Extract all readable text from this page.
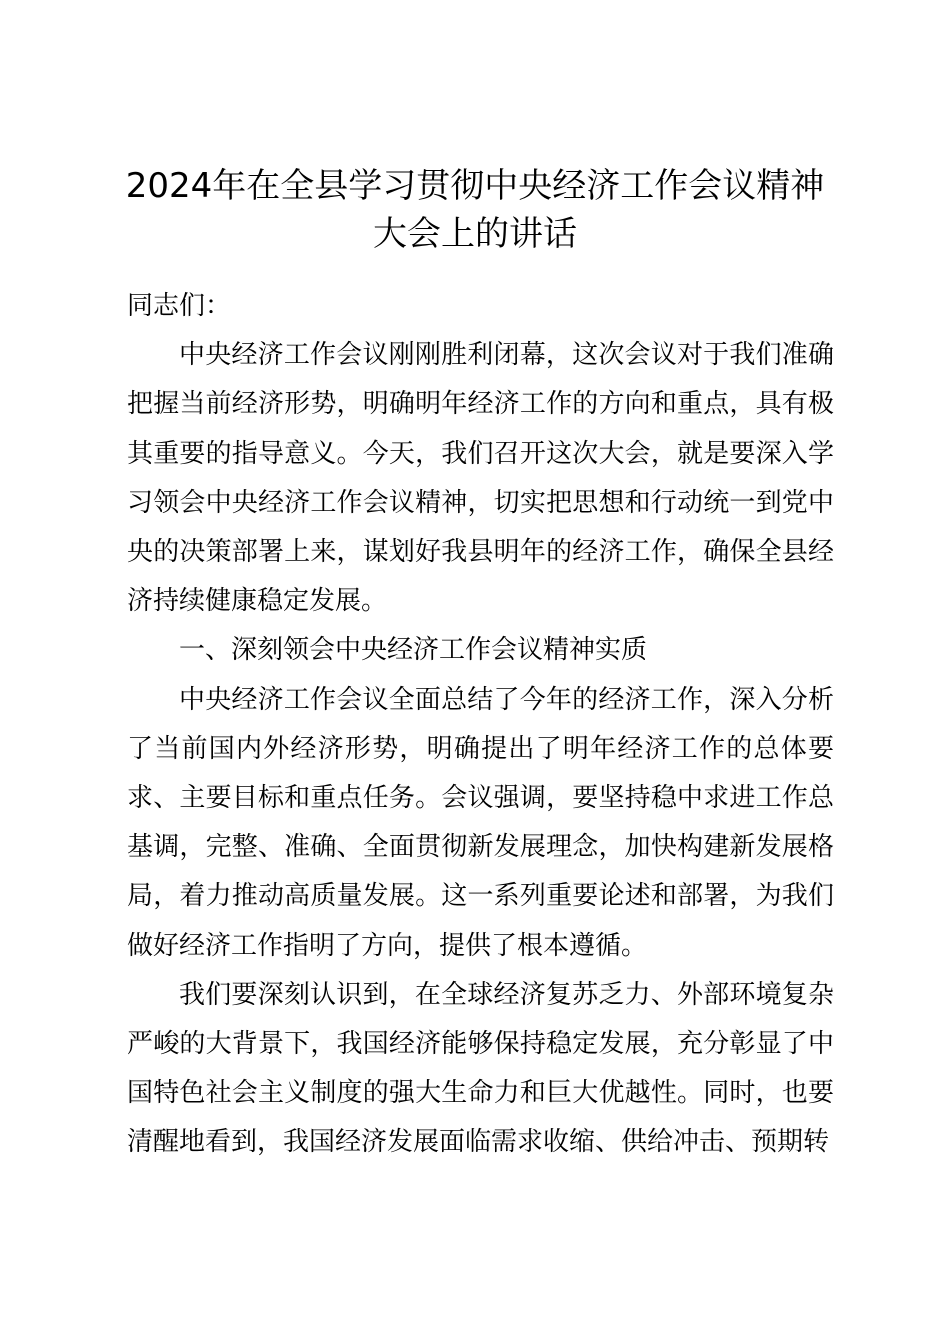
2024年在全县学习贯彻中央经济工作会议精神大会上的讲话

同志们：

中央经济工作会议刚刚胜利闭幕，这次会议对于我们准确把握当前经济形势，明确明年经济工作的方向和重点，具有极其重要的指导意义。今天，我们召开这次大会，就是要深入学习领会中央经济工作会议精神，切实把思想和行动统一到党中央的决策部署上来，谋划好我县明年的经济工作，确保全县经济持续健康稳定发展。

一、深刻领会中央经济工作会议精神实质

中央经济工作会议全面总结了今年的经济工作，深入分析了当前国内外经济形势，明确提出了明年经济工作的总体要求、主要目标和重点任务。会议强调，要坚持稳中求进工作总基调，完整、准确、全面贯彻新发展理念，加快构建新发展格局，着力推动高质量发展。这一系列重要论述和部署，为我们做好经济工作指明了方向，提供了根本遵循。

我们要深刻认识到，在全球经济复苏乏力、外部环境复杂严峻的大背景下，我国经济能够保持稳定发展，充分彰显了中国特色社会主义制度的强大生命力和巨大优越性。同时，也要清醒地看到，我国经济发展面临需求收缩、供给冲击、预期转
